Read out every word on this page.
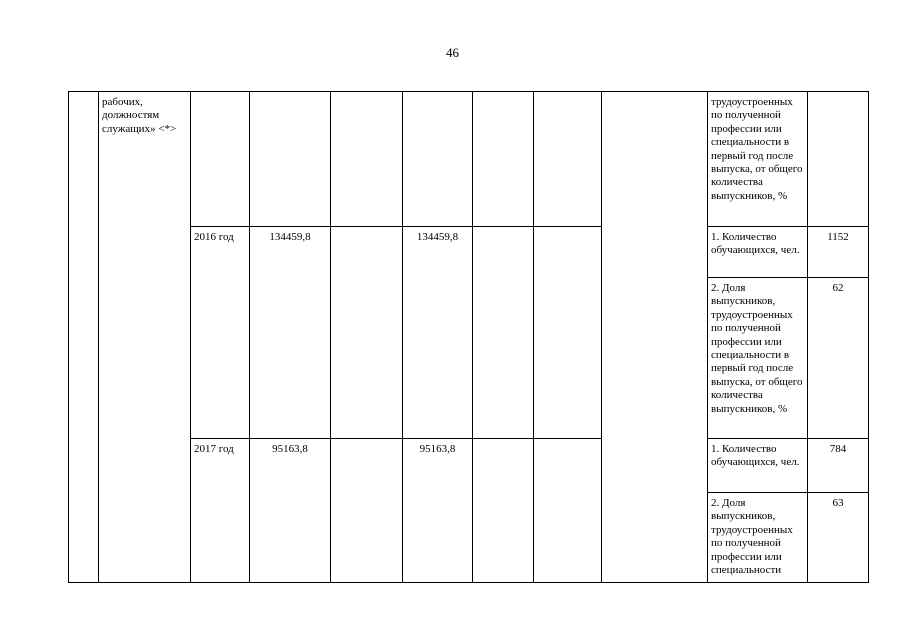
46

	рабочих, должностям служащих» <*>								трудоустроенных по полученной профессии или специальности в первый год после выпуска, от общего количества выпускников, %	

		2016 год	134459,8		134459,8				1. Количество обучающихся, чел.	1152

									2. Доля выпускников, трудоустроенных по полученной профессии или специальности в первый год после выпуска, от общего количества выпускников, %	62
		2017 год	95163,8		95163,8				1. Количество обучающихся, чел.	784

									2. Доля выпускников, трудоустроенных по полученной профессии или специальности	63
